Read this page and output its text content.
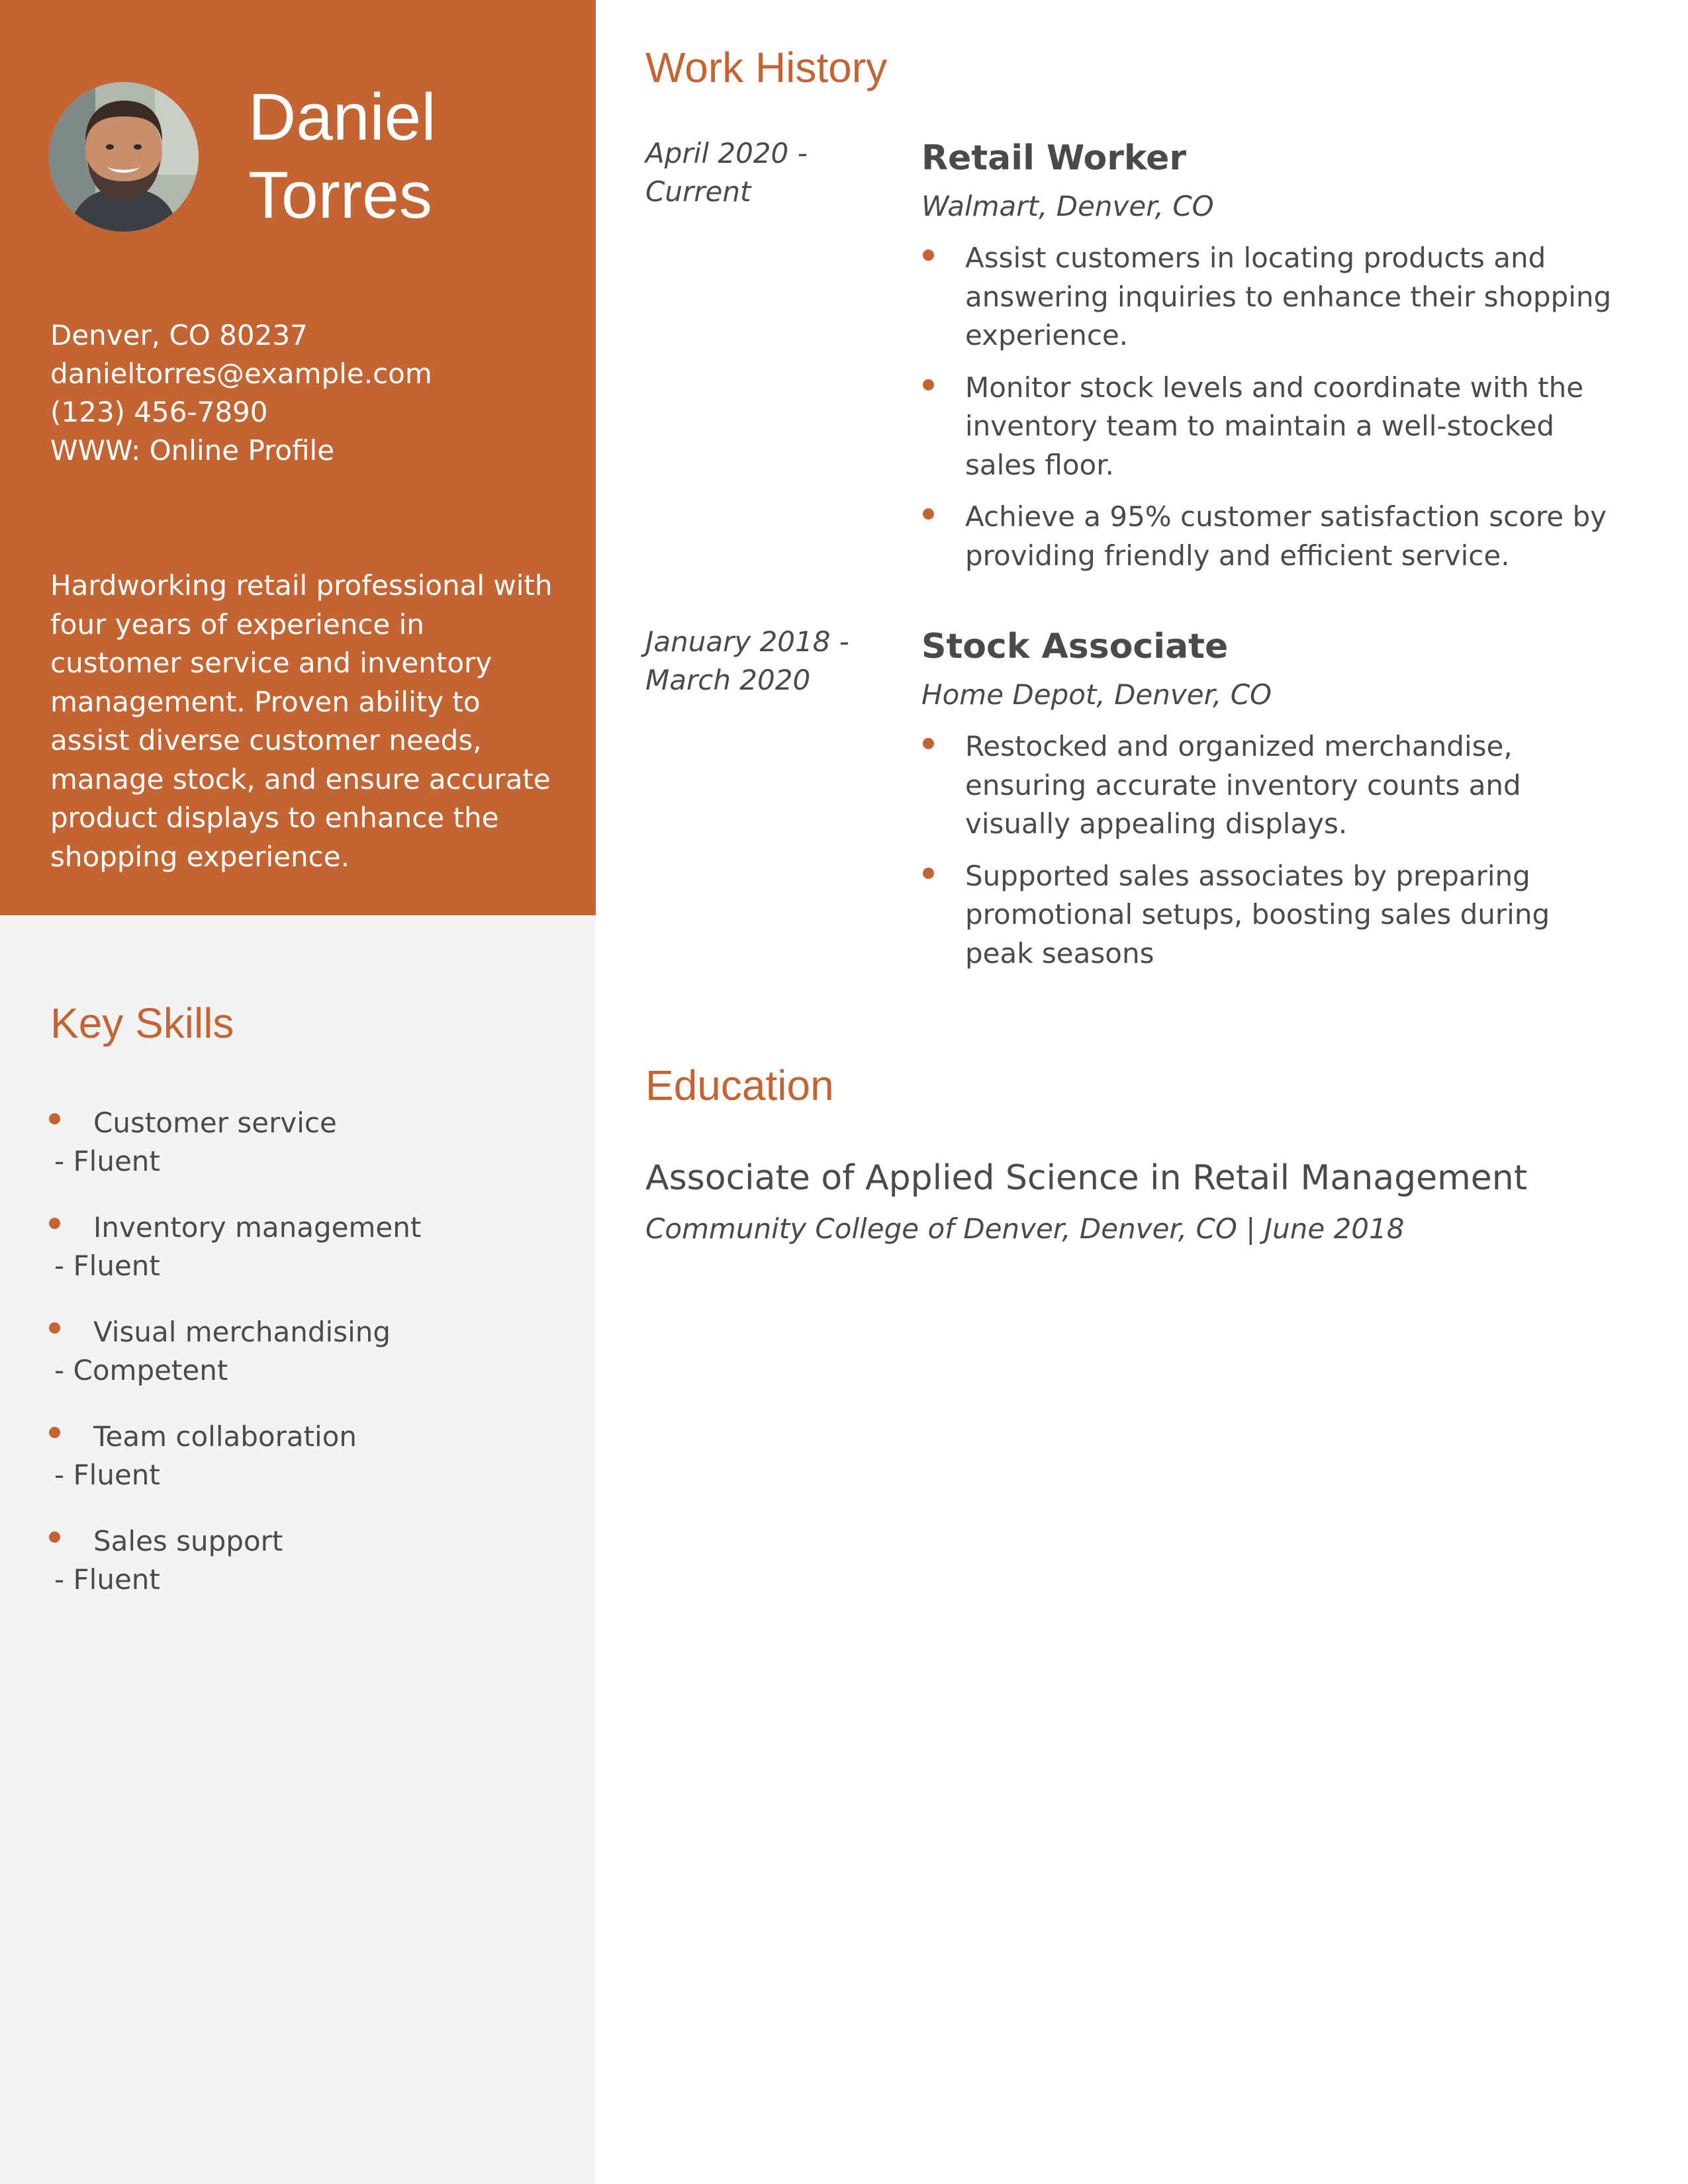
Daniel
Torres
Denver, CO 80237
danieltorres@example.com
(123) 456-7890
WWW: Online Profile

Hardworking retail professional with four years of experience in customer service and inventory management. Proven ability to assist diverse customer needs, manage stock, and ensure accurate product displays to enhance the shopping experience.

Key Skills
Customer service
- Fluent
Inventory management
- Fluent
Visual merchandising
- Competent
Team collaboration
- Fluent
Sales support
- Fluent
Work History
April 2020 -
Current
Retail Worker
Walmart, Denver, CO
Assist customers in locating products and answering inquiries to enhance their shopping experience.
Monitor stock levels and coordinate with the inventory team to maintain a well-stocked sales floor.
Achieve a 95% customer satisfaction score by providing friendly and efficient service.
January 2018 -
March 2020
Stock Associate
Home Depot, Denver, CO
Restocked and organized merchandise, ensuring accurate inventory counts and visually appealing displays.
Supported sales associates by preparing promotional setups, boosting sales during peak seasons
Education
Associate of Applied Science in Retail Management
Community College of Denver, Denver, CO | June 2018
